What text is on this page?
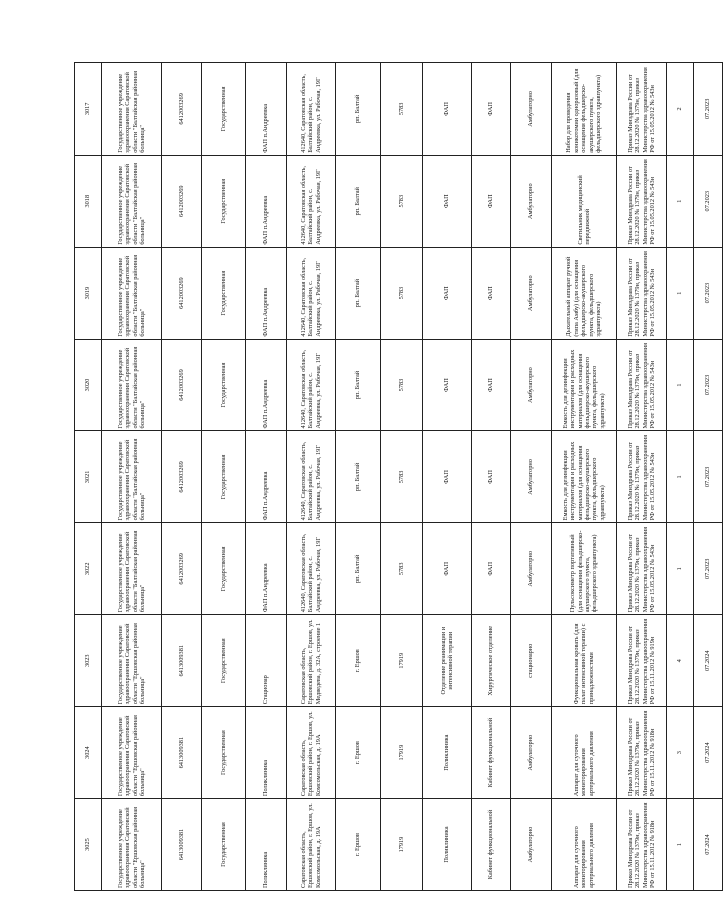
3025	3024	3023	3022	3021	3020	3019	3018	3017
Государственное учреждение здравоохранения Саратовской области "Ершовская районная больница"	Государственное учреждение здравоохранения Саратовской области "Ершовская районная больница"	Государственное учреждение здравоохранения Саратовской области "Ершовская районная больница"	Государственное учреждение здравоохранения Саратовской области "Балтайская районная больница"	Государственное учреждение здравоохранения Саратовской области "Балтайская районная больница"	Государственное учреждение здравоохранения Саратовской области "Балтайская районная больница"	Государственное учреждение здравоохранения Саратовской области "Балтайская районная больница"	Государственное учреждение здравоохранения Саратовской области "Балтайская районная больница"	Государственное учреждение здравоохранения Саратовской области "Балтайская районная больница"
6413009381	6413009381	6413009381	6412003269	6412003269	6412003269	6412003269	6412003269	6412003269
Государственная	Государственная	Государственная	Государственная	Государственная	Государственная	Государственная	Государственная	Государственная
Поликлиника	Поликлиника	Стационар	ФАП п.Андреевка	ФАП п.Андреевка	ФАП п.Андреевка	ФАП п.Андреевка	ФАП п.Андреевка	ФАП п.Андреевка
Саратовская область, Ершовский район, г. Ершов, ул. Комсомольская, д. 19А	Саратовская область, Ершовский район, г. Ершов, ул. Комсомольская, д. 19А	Саратовская область, Ершовский район, г. Ершов, ул. Медведева, д. 32А, строение 1	412640, Саратовская область, Балтайский район, с. Андреевка, ул. Рабочая, 19Г	412640, Саратовская область, Балтайский район, с. Андреевка, ул. Рабочая, 19Г	412640, Саратовская область, Балтайский район, с. Андреевка, ул. Рабочая, 19Г	412640, Саратовская область, Балтайский район, с. Андреевка, ул. Рабочая, 19Г	412640, Саратовская область, Балтайский район, с. Андреевка, ул. Рабочая, 19Г	412640, Саратовская область, Балтайский район, с. Андреевка, ул. Рабочая, 19Г
г. Ершов	г. Ершов	г. Ершов	рп. Балтай	рп. Балтай	рп. Балтай	рп. Балтай	рп. Балтай	рп. Балтай
17919	17919	17919	5783	5783	5783	5783	5783	5783
Поликлиника	Поликлиника	Отделение реанимации и интенсивной терапии	ФАП	ФАП	ФАП	ФАП	ФАП	ФАП
Кабинет функциональной	Кабинет функциональной	Хирургическое отделение	ФАП	ФАП	ФАП	ФАП	ФАП	ФАП
Амбулаторно	Амбулаторно	стационарно	Амбулаторно	Амбулаторно	Амбулаторно	Амбулаторно	Амбулаторно	Амбулаторно
Аппарат для суточного мониторирования артериального давления	Аппарат для суточного мониторирования артериального давления	Функциональная кровать (для палат интенсивной терапии) с принадлежностями	Пульсоксиметр портативный (для оснащения фельдшерско-акушерского пункта, фельдшерского здравпункта)	Емкость для дезинфекции инструментария и расходных материалов (для оснащения фельдшерско-акушерского пункта, фельдшерского здравпункта)	Емкость для дезинфекции инструментария и расходных материалов (для оснащения фельдшерско-акушерского пункта, фельдшерского здравпункта)	Дыхательный аппарат ручной (типа Амбу) (для оснащения фельдшерско-акушерского пункта, фельдшерского здравпункта)	Светильник медицинский передвижной	Набор для проведения коникотомии одноразовый (для оснащения фельдшерско-акушерского пункта, фельдшерского здравпункта)
Приказ Минздрава России от 28.12.2020 № 1379н, приказ Министерства здравоохранения РФ от 15.11.2012 № 918н	Приказ Минздрава России от 28.12.2020 № 1379н, приказ Министерства здравоохранения РФ от 15.11.2012 № 918н	Приказ Минздрава России от 28.12.2020 № 1379н, приказ Министерства здравоохранения РФ от 15.11.2012 № 919н	Приказ Минздрава России от 28.12.2020 № 1379н, приказ Министерства здравоохранения РФ от 15.05.2012 № 543н	Приказ Минздрава России от 28.12.2020 № 1379н, приказ Министерства здравоохранения РФ от 15.05.2012 № 543н	Приказ Минздрава России от 28.12.2020 № 1379н, приказ Министерства здравоохранения РФ от 15.05.2012 № 543н	Приказ Минздрава России от 28.12.2020 № 1379н, приказ Министерства здравоохранения РФ от 15.05.2012 № 543н	Приказ Минздрава России от 28.12.2020 № 1379н, приказ Министерства здравоохранения РФ от 15.05.2012 № 543н	Приказ Минздрава России от 28.12.2020 № 1379н, приказ Министерства здравоохранения РФ от 15.05.2012 № 543н
1	3	4	1	1	1	1	1	2
07.2024	07.2024	07.2024	07.2023	07.2023	07.2023	07.2023	07.2023	07.2023
